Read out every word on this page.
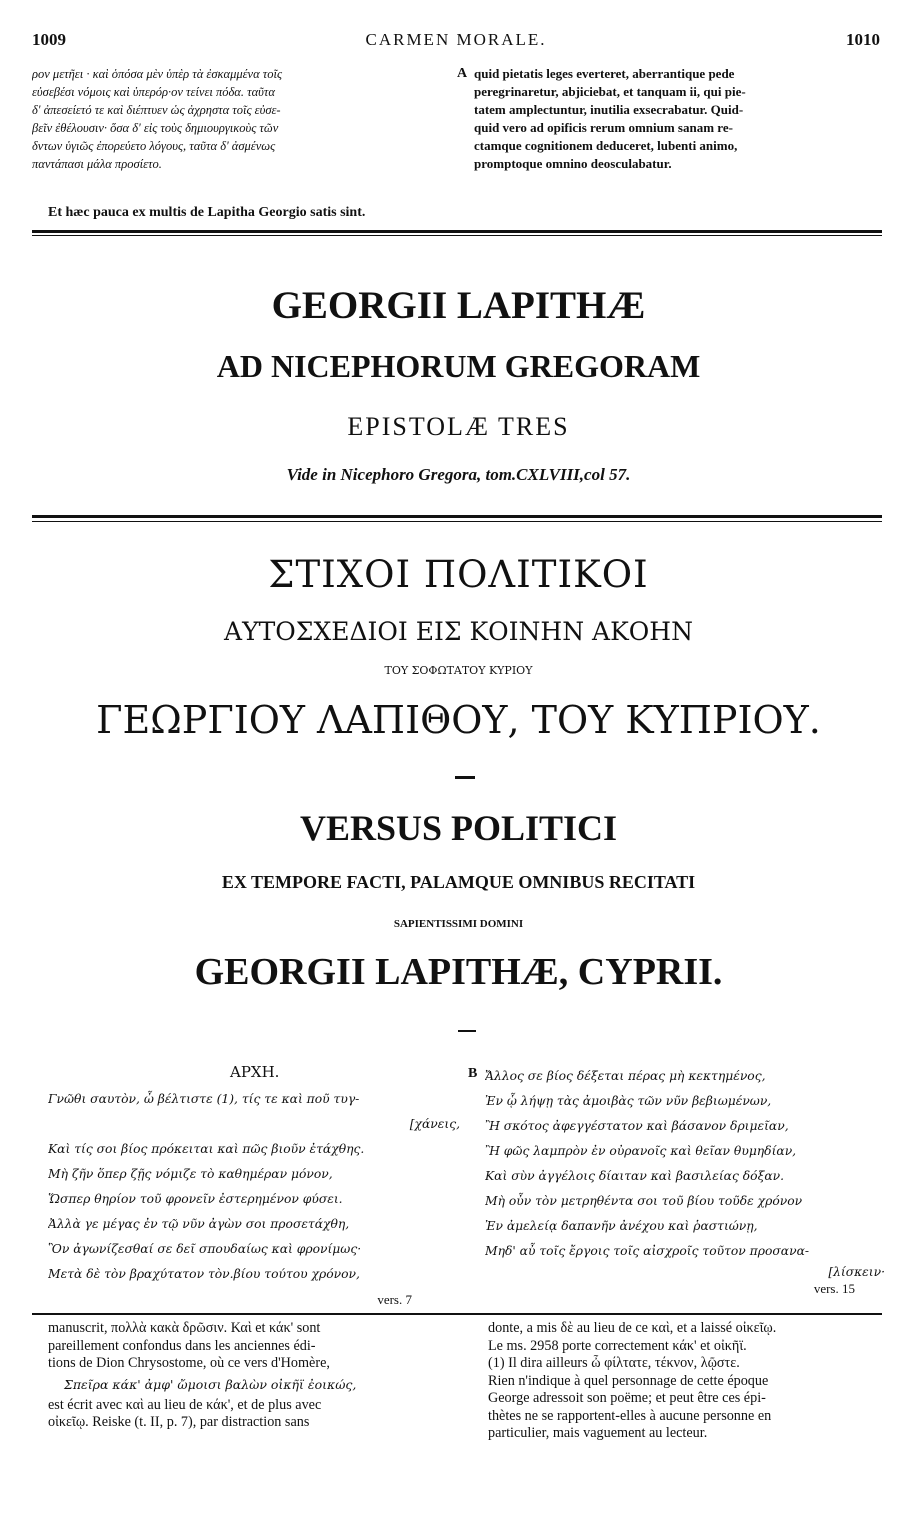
1009	CARMEN MORALE.	1010
ρον μετῆει · καὶ ὁπόσα μὲν ὑπὲρ τὰ ἐσκαμμένα τοῖς
εὐσεβέσι νόμοις καὶ ὑπερόρ·ον τείνει πόδα. ταῦτα
δ' ἀπεσείετό τε καὶ διέπτυεν ὡς ἀχρηστα τοῖς εὐσε-
βεῖν ἐθέλουσιν· ὅσα δ' εἰς τοὺς δημιουργικοὺς τῶν
δντων ὑγιῶς ἐπορεύετο λόγους, ταῦτα δ' ἀσμένως
παντάπασι μάλα προσίετο.
A quid pietatis leges everteret, aberrantique pede
peregrinaretur, abjiciebat, et tanquam ii, qui pie-
tatem amplectuntur, inutilia exsecrabatur. Quid-
quid vero ad opificis rerum omnium sanam re-
ctamque cognitionem deduceret, lubenti animo,
promptoque omnino deosculabatur.
Et hæc pauca ex multis de Lapitha Georgio satis sint.
GEORGII LAPITHÆ
AD NICEPHORUM GREGORAM
EPISTOLÆ TRES
Vide in Nicephoro Gregora, tom.CXLVIII,col 57.
ΣΤΙΧΟΙ ΠΟΛΙΤΙΚΟΙ
ΑΥΤΟΣΧΕΔΙΟΙ ΕΙΣ ΚΟΙΝΗΝ ΑΚΟΗΝ
ΤΟΥ ΣΟΦΩΤΑΤΟΥ ΚΥΡΙΟΥ
ΓΕΩΡΓΙΟΥ ΛΑΠΙΘΟΥ, ΤΟΥ ΚΥΠΡΙΟΥ.
VERSUS POLITICI
EX TEMPORE FACTI, PALAMQUE OMNIBUS RECITATI
SAPIENTISSIMI DOMINI
GEORGII LAPITHÆ, CYPRII.
ΑΡΧΗ.	B
Γνῶθι σαυτὸν, ὦ βέλτιστε (1), τίς τε καὶ ποῦ τυγ-
[χάνεις,
Καὶ τίς σοι βίος πρόκειται καὶ πῶς βιοῦν ἐτάχθης.
Μὴ ζῆν ὅπερ ζῇς νόμιζε τὸ καθημέραν μόνον,
Ὥσπερ θηρίον τοῦ φρονεῖν ἐστερημένον φύσει.
Ἀλλὰ γε μέγας ἐν τῷ νῦν ἀγὼν σοι προσετάχθη,
Ὃν ἀγωνίζεσθαί σε δεῖ σπουδαίως καὶ φρονίμως·
Μετὰ δὲ τὸν βραχύτατον τὸν.βίου τούτου χρόνον,
vers. 7
Ἄλλος σε βίος δέξεται πέρας μὴ κεκτημένος,
Ἐν ᾧ λήψῃ τὰς ἀμοιβὰς τῶν νῦν βεβιωμένων,
Ἢ σκότος ἀφεγγέστατον καὶ βάσανον δριμεῖαν,
Ἢ φῶς λαμπρὸν ἐν οὐρανοῖς καὶ θεῖαν θυμηδίαν,
Καὶ σὺν ἀγγέλοις δίαιταν καὶ βασιλείας δόξαν.
Μὴ οὖν τὸν μετρηθέντα σοι τοῦ βίου τοῦδε χρόνον
Ἐν ἀμελείᾳ δαπανῆν ἀνέχου καὶ ῥαστιώνῃ,
Μηδ' αὖ τοῖς ἔργοις τοῖς αἰσχροῖς τοῦτον προσανα-
[λίσκειν·
vers. 15
manuscrit, πολλὰ κακὰ δρῶσιν. Καὶ et κάκ' sont
pareillement confondus dans les anciennes édi-
tions de Dion Chrysostome, où ce vers d'Homère,
Σπεῖρα κάκ' ἀμφ' ὤμοισι βαλὼν οἰκῆϊ ἐοικώς,
est écrit avec καὶ au lieu de κάκ', et de plus avec
οἰκεῖῳ. Reiske (t. II, p. 7), par distraction sans
donte, a mis δὲ au lieu de ce καὶ, et a laissé οἰκεῖῳ.
Le ms. 2958 porte correctement κάκ' et οἰκῆϊ.
(1) Il dira ailleurs ὦ φίλτατε, τέκνον, λῷστε.
Rien n'indique à quel personnage de cette époque
George adressoit son poëme; et peut être ces épi-
thètes ne se rapportent-elles à aucune personne en
particulier, mais vaguement au lecteur.
